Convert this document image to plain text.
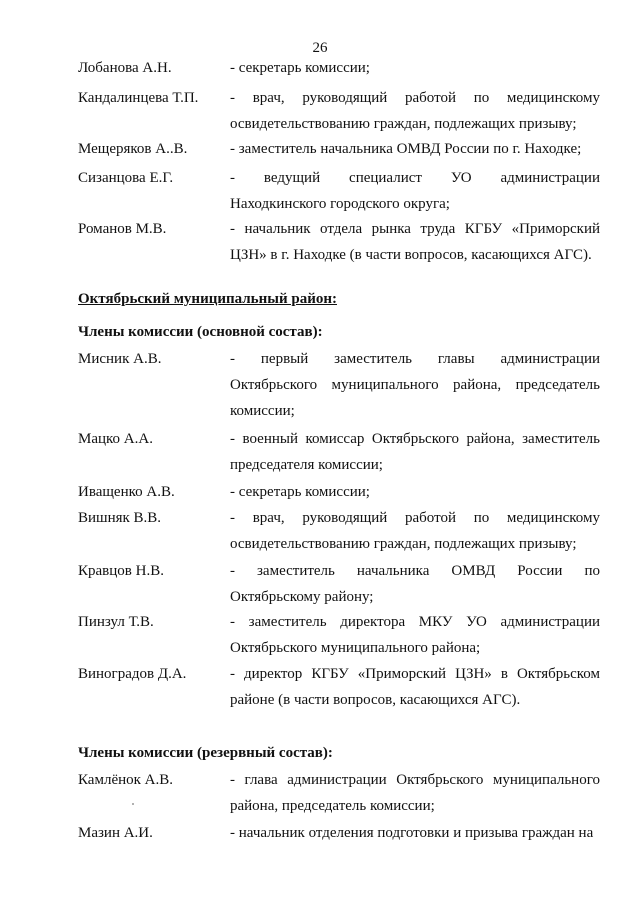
26
Лобанова А.Н.	- секретарь комиссии;
Кандалинцева Т.П. - врач, руководящий работой по медицинскому
освидетельствованию граждан, подлежащих призыву;
Мещеряков А..В.	- заместитель начальника ОМВД России по г. Находке;
Сизанцова Е.Г.	- ведущий специалист УО администрации
Находкинского городского округа;
Романов М.В.	- начальник отдела рынка труда КГБУ «Приморский
ЦЗН» в г. Находке (в части вопросов, касающихся АГС).
Октябрьский муниципальный район:
Члены комиссии (основной состав):
Мисник А.В.	- первый заместитель главы администрации
Октябрьского муниципального района, председатель
комиссии;
Мацко А.А.	- военный комиссар Октябрьского района, заместитель
председателя комиссии;
Иващенко А.В.	- секретарь комиссии;
Вишняк В.В.	- врач, руководящий работой по медицинскому
освидетельствованию граждан, подлежащих призыву;
Кравцов Н.В.	- заместитель начальника ОМВД России по
Октябрьскому району;
Пинзул Т.В.	- заместитель директора МКУ УО администрации
Октябрьского муниципального района;
Виноградов Д.А.	- директор КГБУ «Приморский ЦЗН» в Октябрьском
районе (в части вопросов, касающихся АГС).
Члены комиссии (резервный состав):
Камлёнок А.В.	- глава администрации Октябрьского муниципального
района, председатель комиссии;
Мазин А.И.	- начальник отделения подготовки и призыва граждан на
